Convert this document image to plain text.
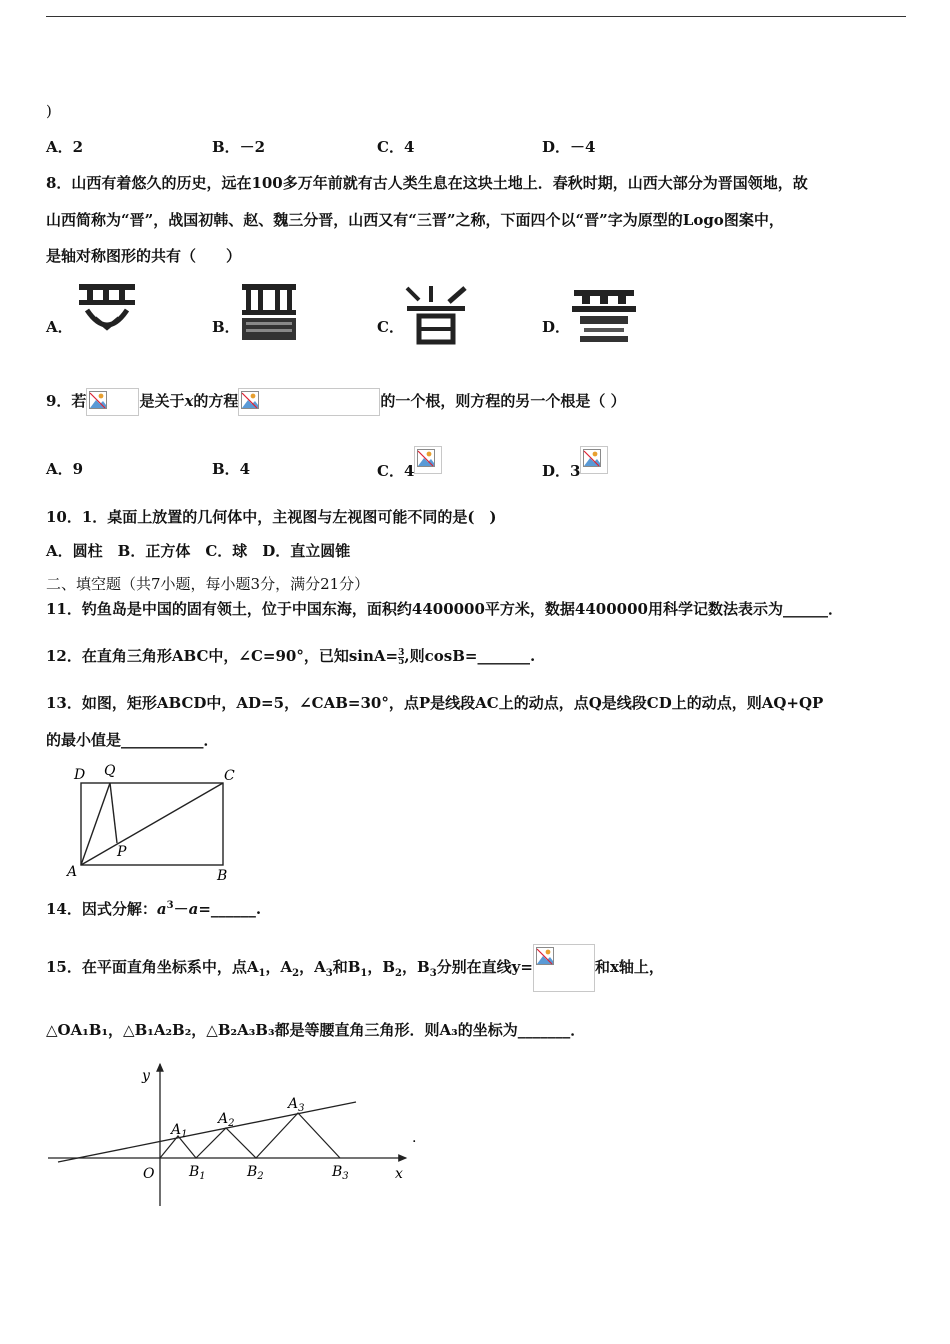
)
A．2	B．－2	C．4	D．－4
8．山西有着悠久的历史，远在100多万年前就有古人类生息在这块土地上．春秋时期，山西大部分为晋国领地，故
山西简称为“晋”，战国初韩、赵、魏三分晋，山西又有“三晋”之称，下面四个以“晋”字为原型的Logo图案中，
是轴对称图形的共有（　　）
A．	B．	C．	D．
9．若	是关于x的方程	的一个根，则方程的另一个根是（ ）
A．9	B．4	C．4	D．3
10．1．桌面上放置的几何体中，主视图与左视图可能不同的是(　)
A．圆柱　B．正方体　C．球　D．直立圆锥
二、填空题（共7小题，每小题3分，满分21分）
11．钓鱼岛是中国的固有领土，位于中国东海，面积约4400000平方米，数据4400000用科学记数法表示为______．
12．在直角三角形ABC中，∠C=90°，已知$\sin A= \frac{3}{5}$ ,则cosB=_______.
13．如图，矩形ABCD中，AD=5，∠CAB=30°，点P是线段AC上的动点，点Q是线段CD上的动点，则AQ+QP
的最小值是___________．
D Q	C
P
A	B
14．因式分解：$a^3-a=\_\_\_\_\_\_$.
15．在平面直角坐标系中，点$A_1$，$A_2$，$A_3$和$B_1$，$B_2$，$B_3$分别在直线y=	和x轴上，
△OA₁B₁，△B₁A₂B₂，△B₂A₃B₃都是等腰直角三角形．则A₃的坐标为_______．
y
x
O
$A_1$
$A_2$
$A_3$
$B_1$	$B_2$	$B_3$
.
